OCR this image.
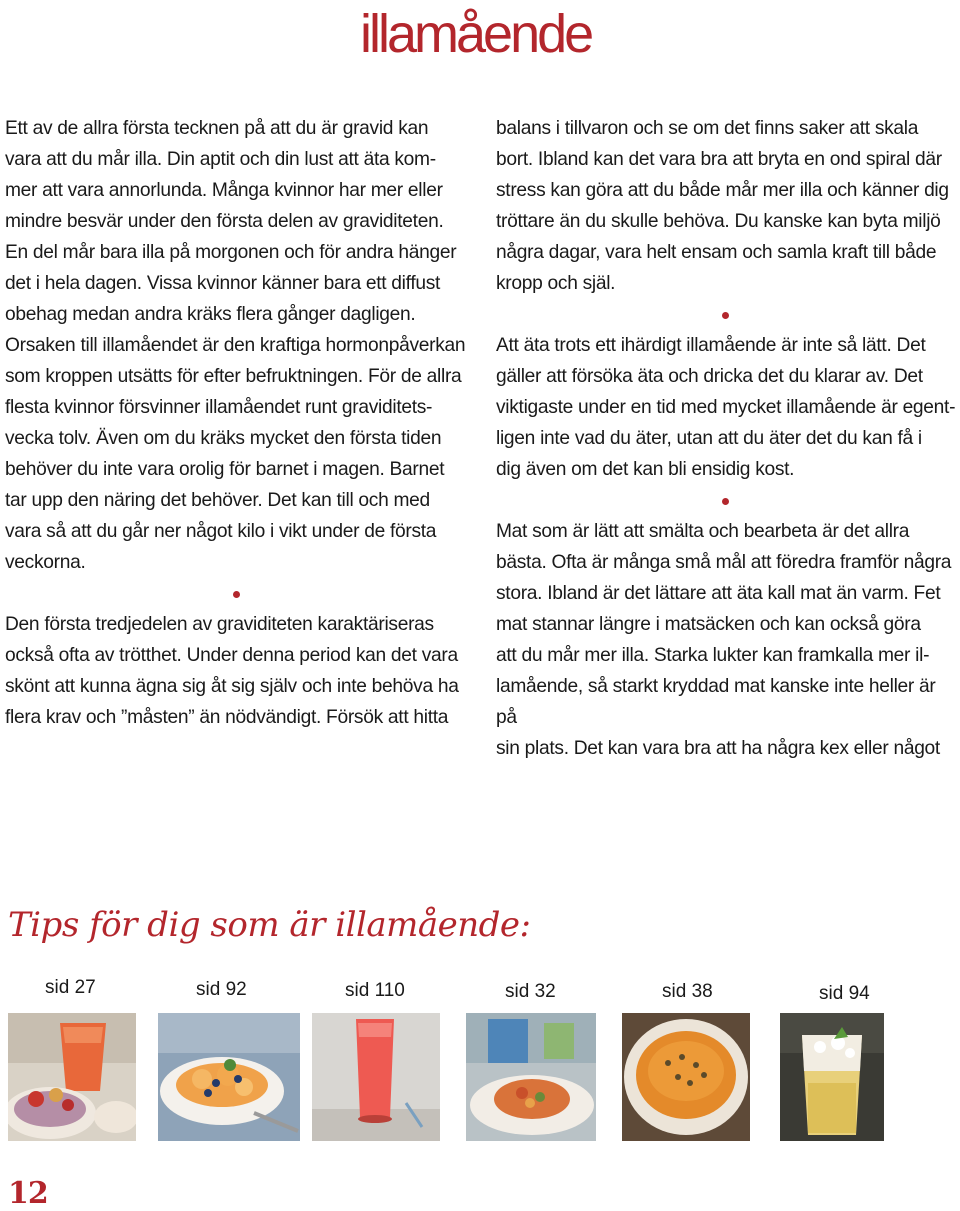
illamående

Ett av de allra första tecknen på att du är gravid kan
vara att du mår illa. Din aptit och din lust att äta kom-
mer att vara annorlunda. Många kvinnor har mer eller
mindre besvär under den första delen av graviditeten.
En del mår bara illa på morgonen och för andra hänger
det i hela dagen. Vissa kvinnor känner bara ett diffust
obehag medan andra kräks flera gånger dagligen.
Orsaken till illamåendet är den kraftiga hormonpåverkan
som kroppen utsätts för efter befruktningen. För de allra
flesta kvinnor försvinner illamåendet runt graviditets-
vecka tolv. Även om du kräks mycket den första tiden
behöver du inte vara orolig för barnet i magen. Barnet
tar upp den näring det behöver. Det kan till och med
vara så att du går ner något kilo i vikt under de första
veckorna.

Den första tredjedelen av graviditeten karaktäriseras
också ofta av trötthet. Under denna period kan det vara
skönt att kunna ägna sig åt sig själv och inte behöva ha
flera krav och ”måsten” än nödvändigt. Försök att hitta

balans i tillvaron och se om det finns saker att skala
bort. Ibland kan det vara bra att bryta en ond spiral där
stress kan göra att du både mår mer illa och känner dig
tröttare än du skulle behöva. Du kanske kan byta miljö
några dagar, vara helt ensam och samla kraft till både
kropp och själ.

Att äta trots ett ihärdigt illamående är inte så lätt. Det
gäller att försöka äta och dricka det du klarar av. Det
viktigaste under en tid med mycket illamående är egent-
ligen inte vad du äter, utan att du äter det du kan få i
dig även om det kan bli ensidig kost.

Mat som är lätt att smälta och bearbeta är det allra
bästa. Ofta är många små mål att föredra framför några
stora. Ibland är det lättare att äta kall mat än varm. Fet
mat stannar längre i matsäcken och kan också göra
att du mår mer illa. Starka lukter kan framkalla mer il-
lamående, så starkt kryddad mat kanske inte heller är på
sin plats. Det kan vara bra att ha några kex eller något

Tips för dig som är illamående:
sid 27	sid 92	sid 110	sid 32	sid 38	sid 94

12
